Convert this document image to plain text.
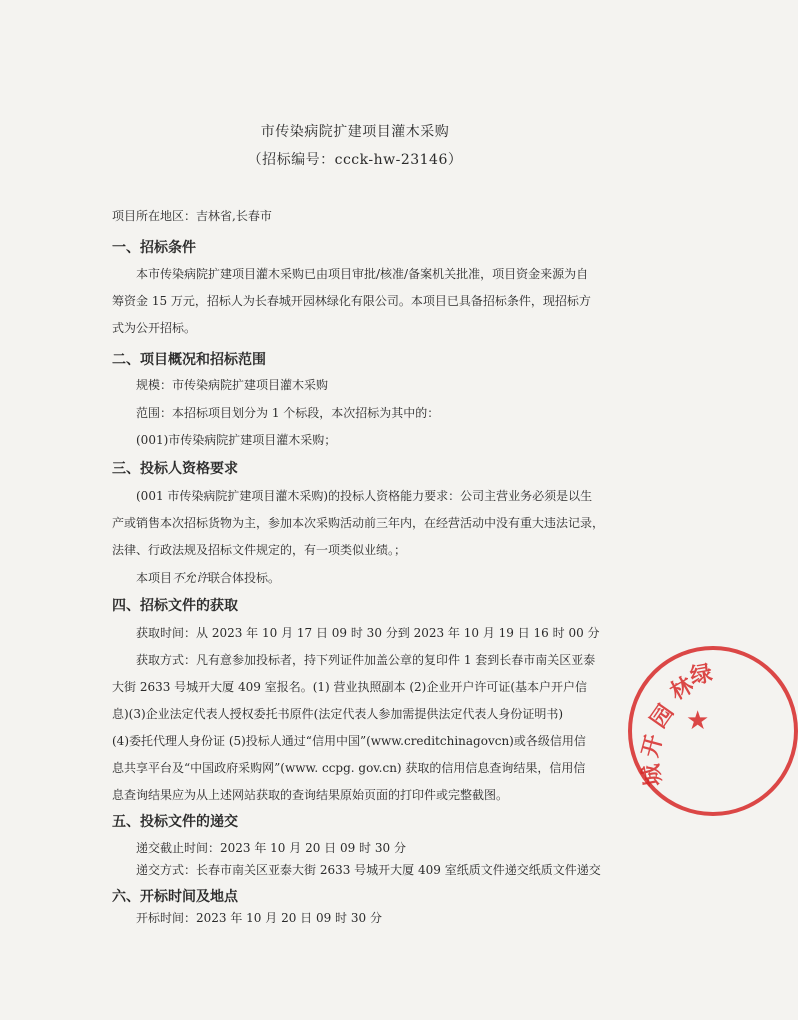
市传染病院扩建项目灌木采购
（招标编号：ccck-hw-23146）
项目所在地区：吉林省,长春市
一、招标条件
本市传染病院扩建项目灌木采购已由项目审批/核准/备案机关批准，项目资金来源为自
筹资金 15 万元，招标人为长春城开园林绿化有限公司。本项目已具备招标条件，现招标方
式为公开招标。
二、项目概况和招标范围
规模：市传染病院扩建项目灌木采购
范围：本招标项目划分为 1 个标段，本次招标为其中的：
(001)市传染病院扩建项目灌木采购；
三、投标人资格要求
(001 市传染病院扩建项目灌木采购)的投标人资格能力要求：公司主营业务必须是以生
产或销售本次招标货物为主，参加本次采购活动前三年内，在经营活动中没有重大违法记录，
法律、行政法规及招标文件规定的，有一项类似业绩。；
本项目不允许联合体投标。
四、招标文件的获取
获取时间：从 2023 年 10 月 17 日 09 时 30 分到 2023 年 10 月 19 日 16 时 00 分
获取方式：凡有意参加投标者，持下列证件加盖公章的复印件 1 套到长春市南关区亚泰
大街 2633 号城开大厦 409 室报名。(1) 营业执照副本 (2)企业开户许可证(基本户开户信
息)(3)企业法定代表人授权委托书原件(法定代表人参加需提供法定代表人身份证明书)
(4)委托代理人身份证 (5)投标人通过“信用中国”(www.creditchinagovcn)或各级信用信
息共享平台及“中国政府采购网”(www. ccpg. gov.cn) 获取的信用信息查询结果，信用信
息查询结果应为从上述网站获取的查询结果原始页面的打印件或完整截图。
五、投标文件的递交
递交截止时间：2023 年 10 月 20 日 09 时 30 分
递交方式：长春市南关区亚泰大街 2633 号城开大厦 409 室纸质文件递交纸质文件递交
六、开标时间及地点
开标时间：2023 年 10 月 20 日 09 时 30 分
★
园
林
开
城
绿
